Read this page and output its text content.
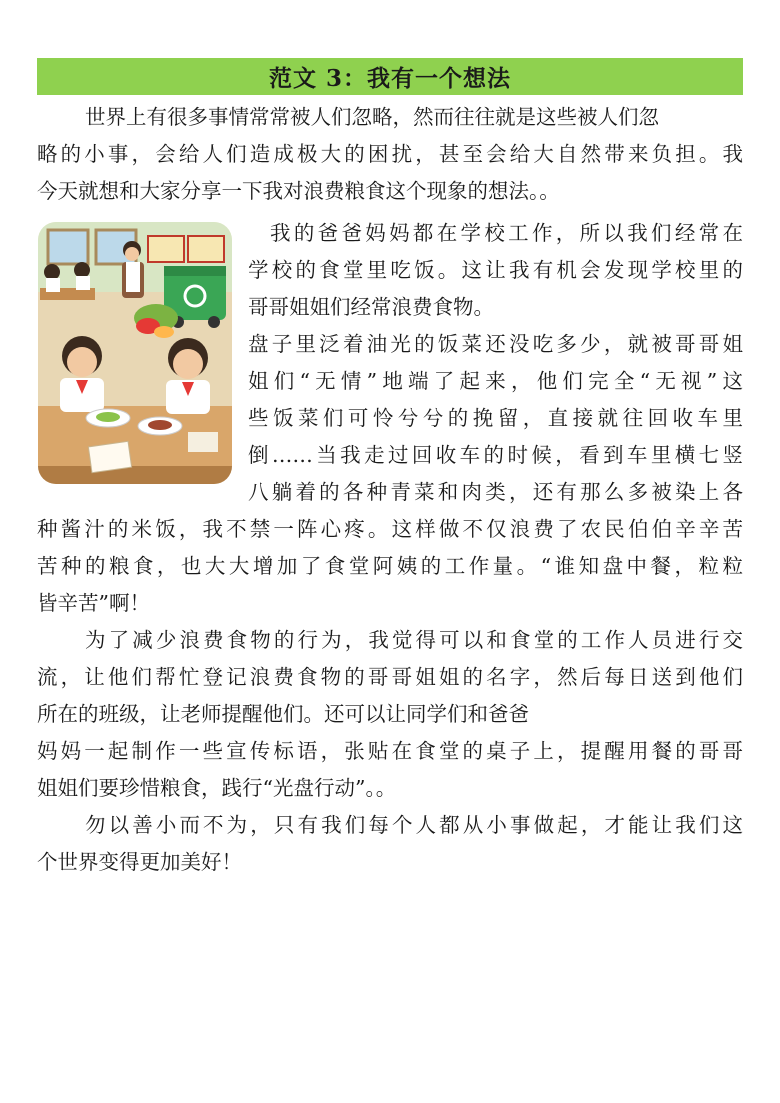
范文 3：我有一个想法
世界上有很多事情常常被人们忽略，然而往往就是这些被人们忽
略的小事，会给人们造成极大的困扰，甚至会给大自然带来负担。我
今天就想和大家分享一下我对浪费粮食这个现象的想法。。
我的爸爸妈妈都在学校工作，所以我们经常在
学校的食堂里吃饭。这让我有机会发现学校里的
哥哥姐姐们经常浪费食物。
盘子里泛着油光的饭菜还没吃多少，就被哥哥姐
姐们“无情”地端了起来，他们完全“无视”这
些饭菜们可怜兮兮的挽留，直接就往回收车里
倒……当我走过回收车的时候，看到车里横七竖
八躺着的各种青菜和肉类，还有那么多被染上各
种酱汁的米饭，我不禁一阵心疼。这样做不仅浪费了农民伯伯辛辛苦
苦种的粮食，也大大增加了食堂阿姨的工作量。“谁知盘中餐，粒粒
皆辛苦”啊！
为了减少浪费食物的行为，我觉得可以和食堂的工作人员进行交
流，让他们帮忙登记浪费食物的哥哥姐姐的名字，然后每日送到他们
所在的班级，让老师提醒他们。还可以让同学们和爸爸
妈妈一起制作一些宣传标语，张贴在食堂的桌子上，提醒用餐的哥哥
姐姐们要珍惜粮食，践行“光盘行动”。。
勿以善小而不为，只有我们每个人都从小事做起，才能让我们这
个世界变得更加美好！
